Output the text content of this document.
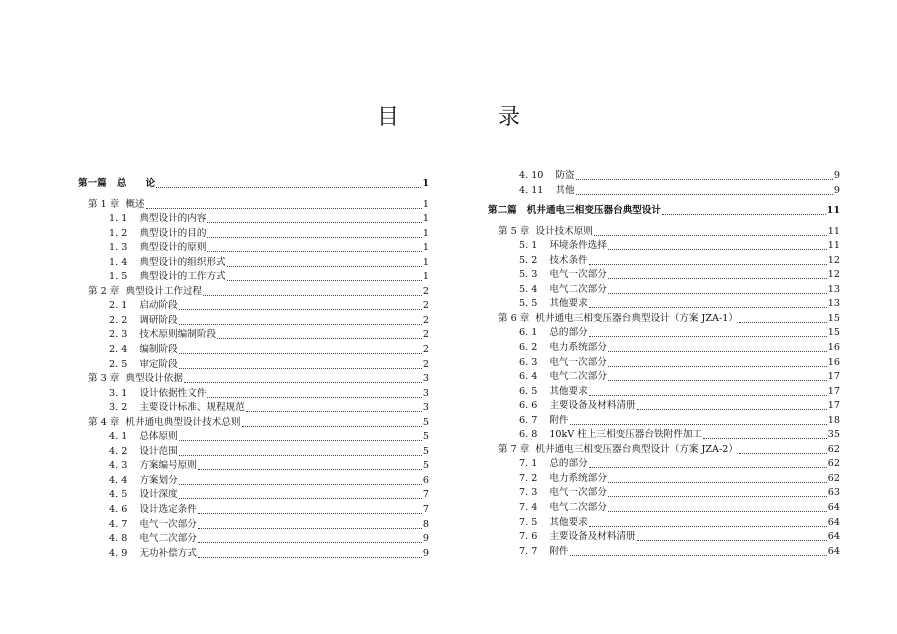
目 录
第一篇 总　　论	1
第 1 章 概述	1
1. 1 典型设计的内容	1
1. 2 典型设计的目的	1
1. 3 典型设计的原则	1
1. 4 典型设计的组织形式	1
1. 5 典型设计的工作方式	1
第 2 章 典型设计工作过程	2
2. 1 启动阶段	2
2. 2 调研阶段	2
2. 3 技术原则编制阶段	2
2. 4 编制阶段	2
2. 5 审定阶段	2
第 3 章 典型设计依据	3
3. 1 设计依据性文件	3
3. 2 主要设计标准、规程规范	3
第 4 章 机井通电典型设计技术总则	5
4. 1 总体原则	5
4. 2 设计范围	5
4. 3 方案编号原则	5
4. 4 方案划分	6
4. 5 设计深度	7
4. 6 设计选定条件	7
4. 7 电气一次部分	8
4. 8 电气二次部分	9
4. 9 无功补偿方式	9
4. 10 防盗	9
4. 11 其他	9
第二篇 机井通电三相变压器台典型设计	11
第 5 章 设计技术原则	11
5. 1 环境条件选择	11
5. 2 技术条件	12
5. 3 电气一次部分	12
5. 4 电气二次部分	13
5. 5 其他要求	13
第 6 章 机井通电三相变压器台典型设计（方案 JZA-1）	15
6. 1 总的部分	15
6. 2 电力系统部分	16
6. 3 电气一次部分	16
6. 4 电气二次部分	17
6. 5 其他要求	17
6. 6 主要设备及材料清册	17
6. 7 附件	18
6. 8 10kV 柱上三相变压器台铁附件加工	35
第 7 章 机井通电三相变压器台典型设计（方案 JZA-2）	62
7. 1 总的部分	62
7. 2 电力系统部分	62
7. 3 电气一次部分	63
7. 4 电气二次部分	64
7. 5 其他要求	64
7. 6 主要设备及材料清册	64
7. 7 附件	64
